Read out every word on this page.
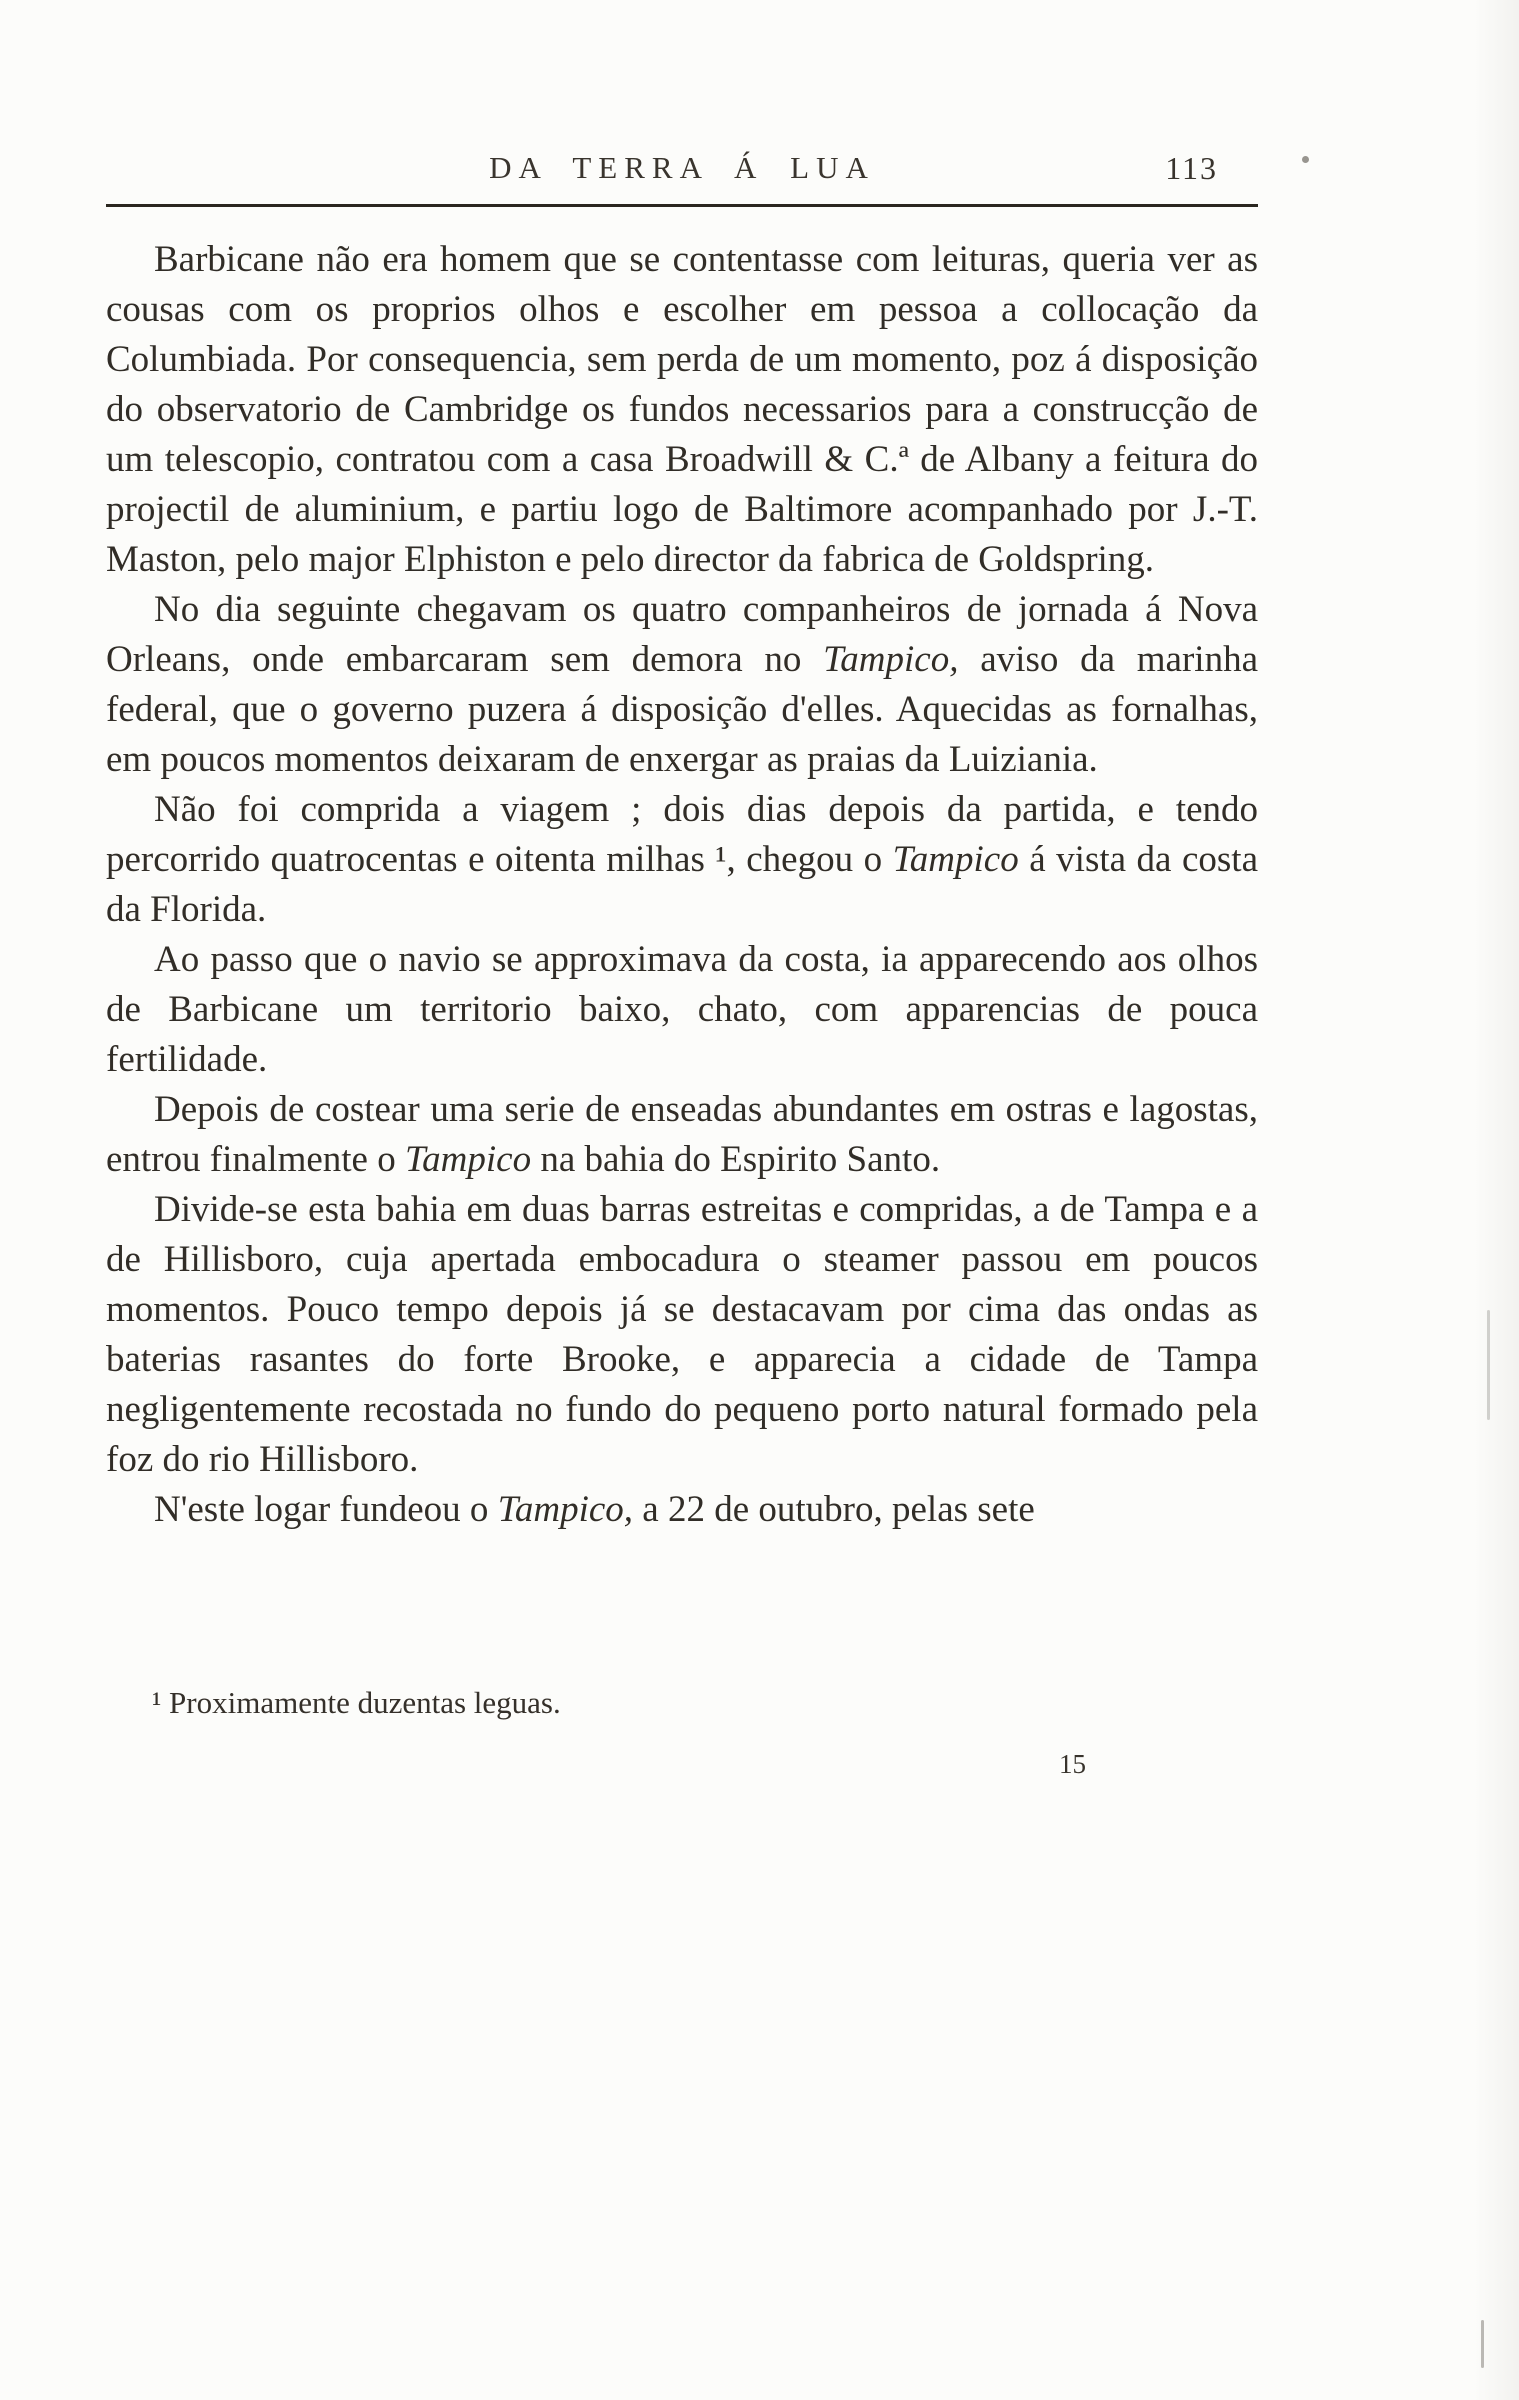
DA TERRA Á LUA	113

Barbicane não era homem que se contentasse com leituras, queria ver as cousas com os proprios olhos e escolher em pessoa a collocação da Columbiada. Por consequencia, sem perda de um momento, poz á disposição do observatorio de Cambridge os fundos necessarios para a construcção de um telescopio, contratou com a casa Broadwill & C.ª de Albany a feitura do projectil de aluminium, e partiu logo de Baltimore acompanhado por J.-T. Maston, pelo major Elphiston e pelo director da fabrica de Goldspring.

No dia seguinte chegavam os quatro companheiros de jornada á Nova Orleans, onde embarcaram sem demora no Tampico, aviso da marinha federal, que o governo puzera á disposição d'elles. Aquecidas as fornalhas, em poucos momentos deixaram de enxergar as praias da Luiziania.

Não foi comprida a viagem ; dois dias depois da partida, e tendo percorrido quatrocentas e oitenta milhas ¹, chegou o Tampico á vista da costa da Florida.

Ao passo que o navio se approximava da costa, ia apparecendo aos olhos de Barbicane um territorio baixo, chato, com apparencias de pouca fertilidade.

Depois de costear uma serie de enseadas abundantes em ostras e lagostas, entrou finalmente o Tampico na bahia do Espirito Santo.

Divide-se esta bahia em duas barras estreitas e compridas, a de Tampa e a de Hillisboro, cuja apertada embocadura o steamer passou em poucos momentos. Pouco tempo depois já se destacavam por cima das ondas as baterias rasantes do forte Brooke, e apparecia a cidade de Tampa negligentemente recostada no fundo do pequeno porto natural formado pela foz do rio Hillisboro.

N'este logar fundeou o Tampico, a 22 de outubro, pelas sete

¹ Proximamente duzentas leguas.
15
